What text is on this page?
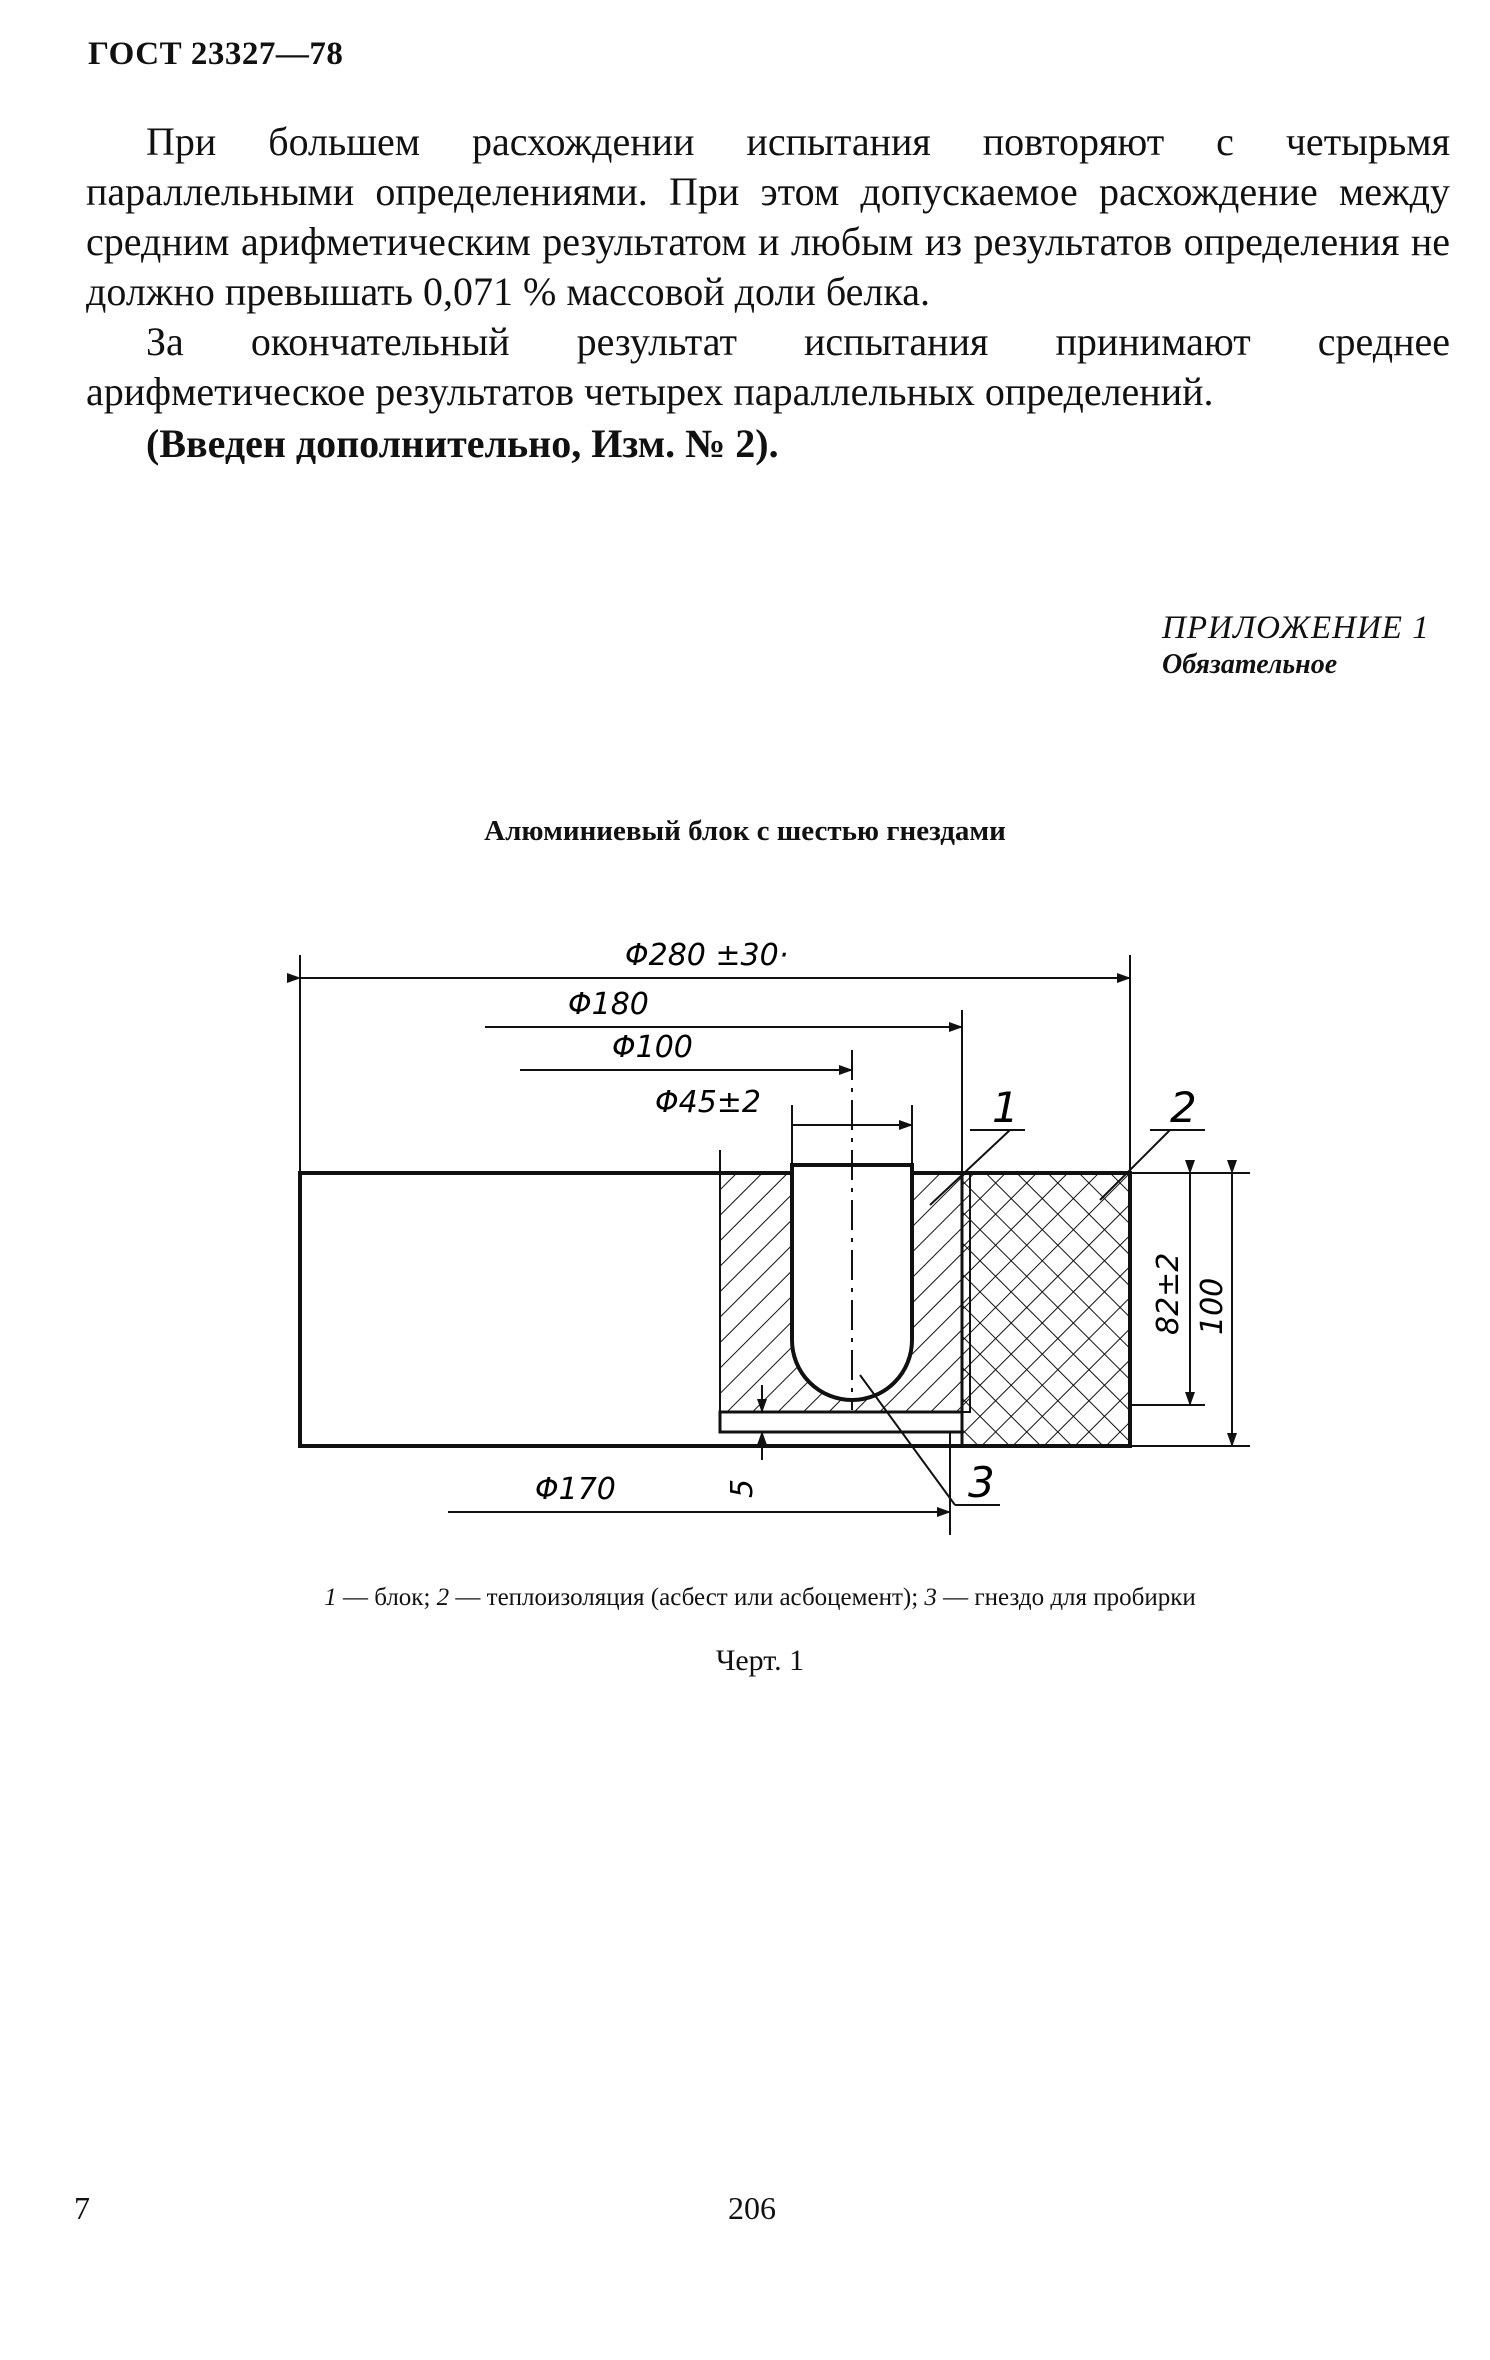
ГОСТ 23327—78

При большем расхождении испытания повторяют с четырьмя параллельными определениями. При этом допускаемое расхождение между средним арифметическим результатом и любым из результатов определения не должно превышать 0,071 % массовой доли белка.

За окончательный результат испытания принимают среднее арифметическое результатов четырех параллельных определений.

(Введен дополнительно, Изм. № 2).

ПРИЛОЖЕНИЕ 1
Обязательное
Алюминиевый блок с шестью гнездами
Φ280 ±30·
Φ180
Φ100
Φ45±2
Φ170
82±2 100
5
1	2
3
1 — блок; 2 — теплоизоляция (асбест или асбоцемент); 3 — гнездо для пробирки
Черт. 1
7	206
